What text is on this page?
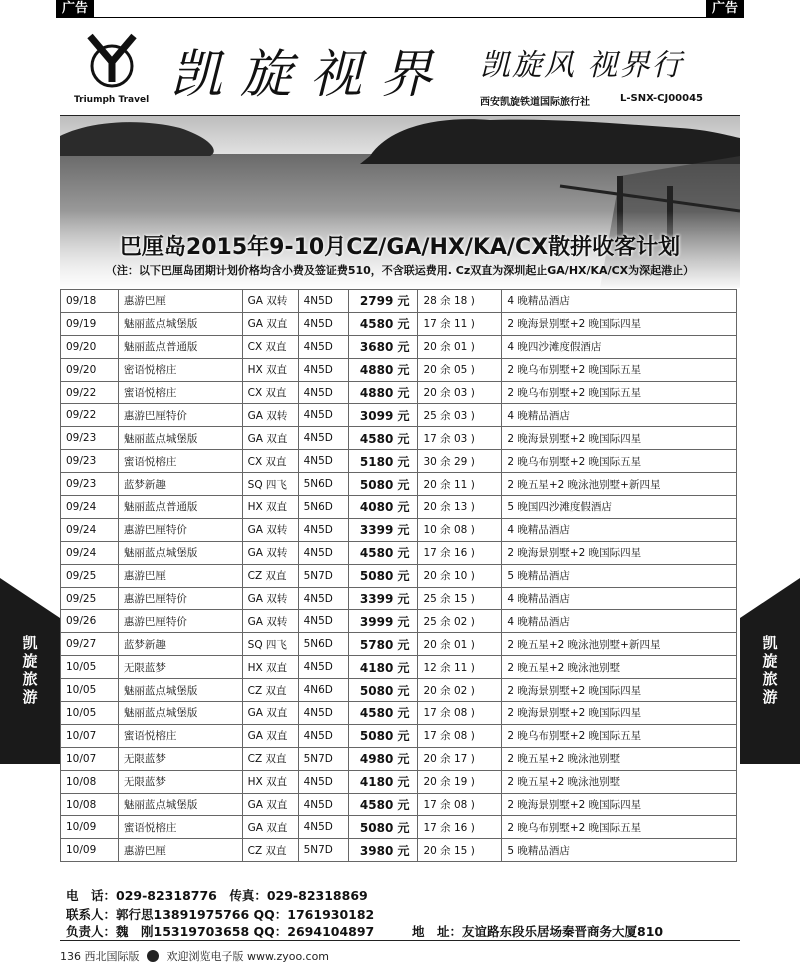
广告	广告
Triumph Travel 凯旋视界 凯旋风 视界行
西安凯旋铁道国际旅行社	L-SNX-CJ00045
巴厘岛2015年9-10月CZ/GA/HX/KA/CX散拼收客计划
（注：以下巴厘岛团期计划价格均含小费及签证费510，不含联运费用. Cz双直为深圳起止GA/HX/KA/CX为深起港止）
09/18	惠游巴厘	GA 双转	4N5D	2799 元	28 余 18 )	4 晚精品酒店
09/19	魅丽蓝点城堡版	GA 双直	4N5D	4580 元	17 余 11 )	2 晚海景别墅+2 晚国际四星
09/20	魅丽蓝点普通版	CX 双直	4N5D	3680 元	20 余 01 )	4 晚四沙滩度假酒店
09/20	密语悦榕庄	HX 双直	4N5D	4880 元	20 余 05 )	2 晚乌布别墅+2 晚国际五星
09/22	蜜语悦榕庄	CX 双直	4N5D	4880 元	20 余 03 )	2 晚乌布别墅+2 晚国际五星
09/22	惠游巴厘特价	GA 双转	4N5D	3099 元	25 余 03 )	4 晚精品酒店
09/23	魅丽蓝点城堡版	GA 双直	4N5D	4580 元	17 余 03 )	2 晚海景别墅+2 晚国际四星
09/23	蜜语悦榕庄	CX 双直	4N5D	5180 元	30 余 29 )	2 晚乌布别墅+2 晚国际五星
09/23	蓝梦新趣	SQ 四飞	5N6D	5080 元	20 余 11 )	2 晚五星+2 晚泳池别墅+新四星
09/24	魅丽蓝点普通版	HX 双直	5N6D	4080 元	20 余 13 )	5 晚国四沙滩度假酒店
09/24	惠游巴厘特价	GA 双转	4N5D	3399 元	10 余 08 )	4 晚精品酒店
09/24	魅丽蓝点城堡版	GA 双转	4N5D	4580 元	17 余 16 )	2 晚海景别墅+2 晚国际四星
09/25	惠游巴厘	CZ 双直	5N7D	5080 元	20 余 10 )	5 晚精品酒店
09/25	惠游巴厘特价	GA 双转	4N5D	3399 元	25 余 15 )	4 晚精品酒店
09/26	惠游巴厘特价	GA 双转	4N5D	3999 元	25 余 02 )	4 晚精品酒店
09/27	蓝梦新趣	SQ 四飞	5N6D	5780 元	20 余 01 )	2 晚五星+2 晚泳池别墅+新四星
10/05	无限蓝梦	HX 双直	4N5D	4180 元	12 余 11 )	2 晚五星+2 晚泳池别墅
10/05	魅丽蓝点城堡版	CZ 双直	4N6D	5080 元	20 余 02 )	2 晚海景别墅+2 晚国际四星
10/05	魅丽蓝点城堡版	GA 双直	4N5D	4580 元	17 余 08 )	2 晚海景别墅+2 晚国际四星
10/07	蜜语悦榕庄	GA 双直	4N5D	5080 元	17 余 08 )	2 晚乌布别墅+2 晚国际五星
10/07	无限蓝梦	CZ 双直	5N7D	4980 元	20 余 17 )	2 晚五星+2 晚泳池别墅
10/08	无限蓝梦	HX 双直	4N5D	4180 元	20 余 19 )	2 晚五星+2 晚泳池别墅
10/08	魅丽蓝点城堡版	GA 双直	4N5D	4580 元	17 余 08 )	2 晚海景别墅+2 晚国际四星
10/09	蜜语悦榕庄	GA 双直	4N5D	5080 元	17 余 16 )	2 晚乌布别墅+2 晚国际五星
10/09	惠游巴厘	CZ 双直	5N7D	3980 元	20 余 15 )	5 晚精品酒店
凯
旋
旅
游
凯
旋
旅
游
电　话：029-82318776　传真：029-82318869
联系人：郭行思13891975766 QQ：1761930182
负责人：魏　刚15319703658 QQ：2694104897	地　址：友谊路东段乐居场秦晋商务大厦810
136 西北国际版 欢迎浏览电子版 www.zyoo.com
